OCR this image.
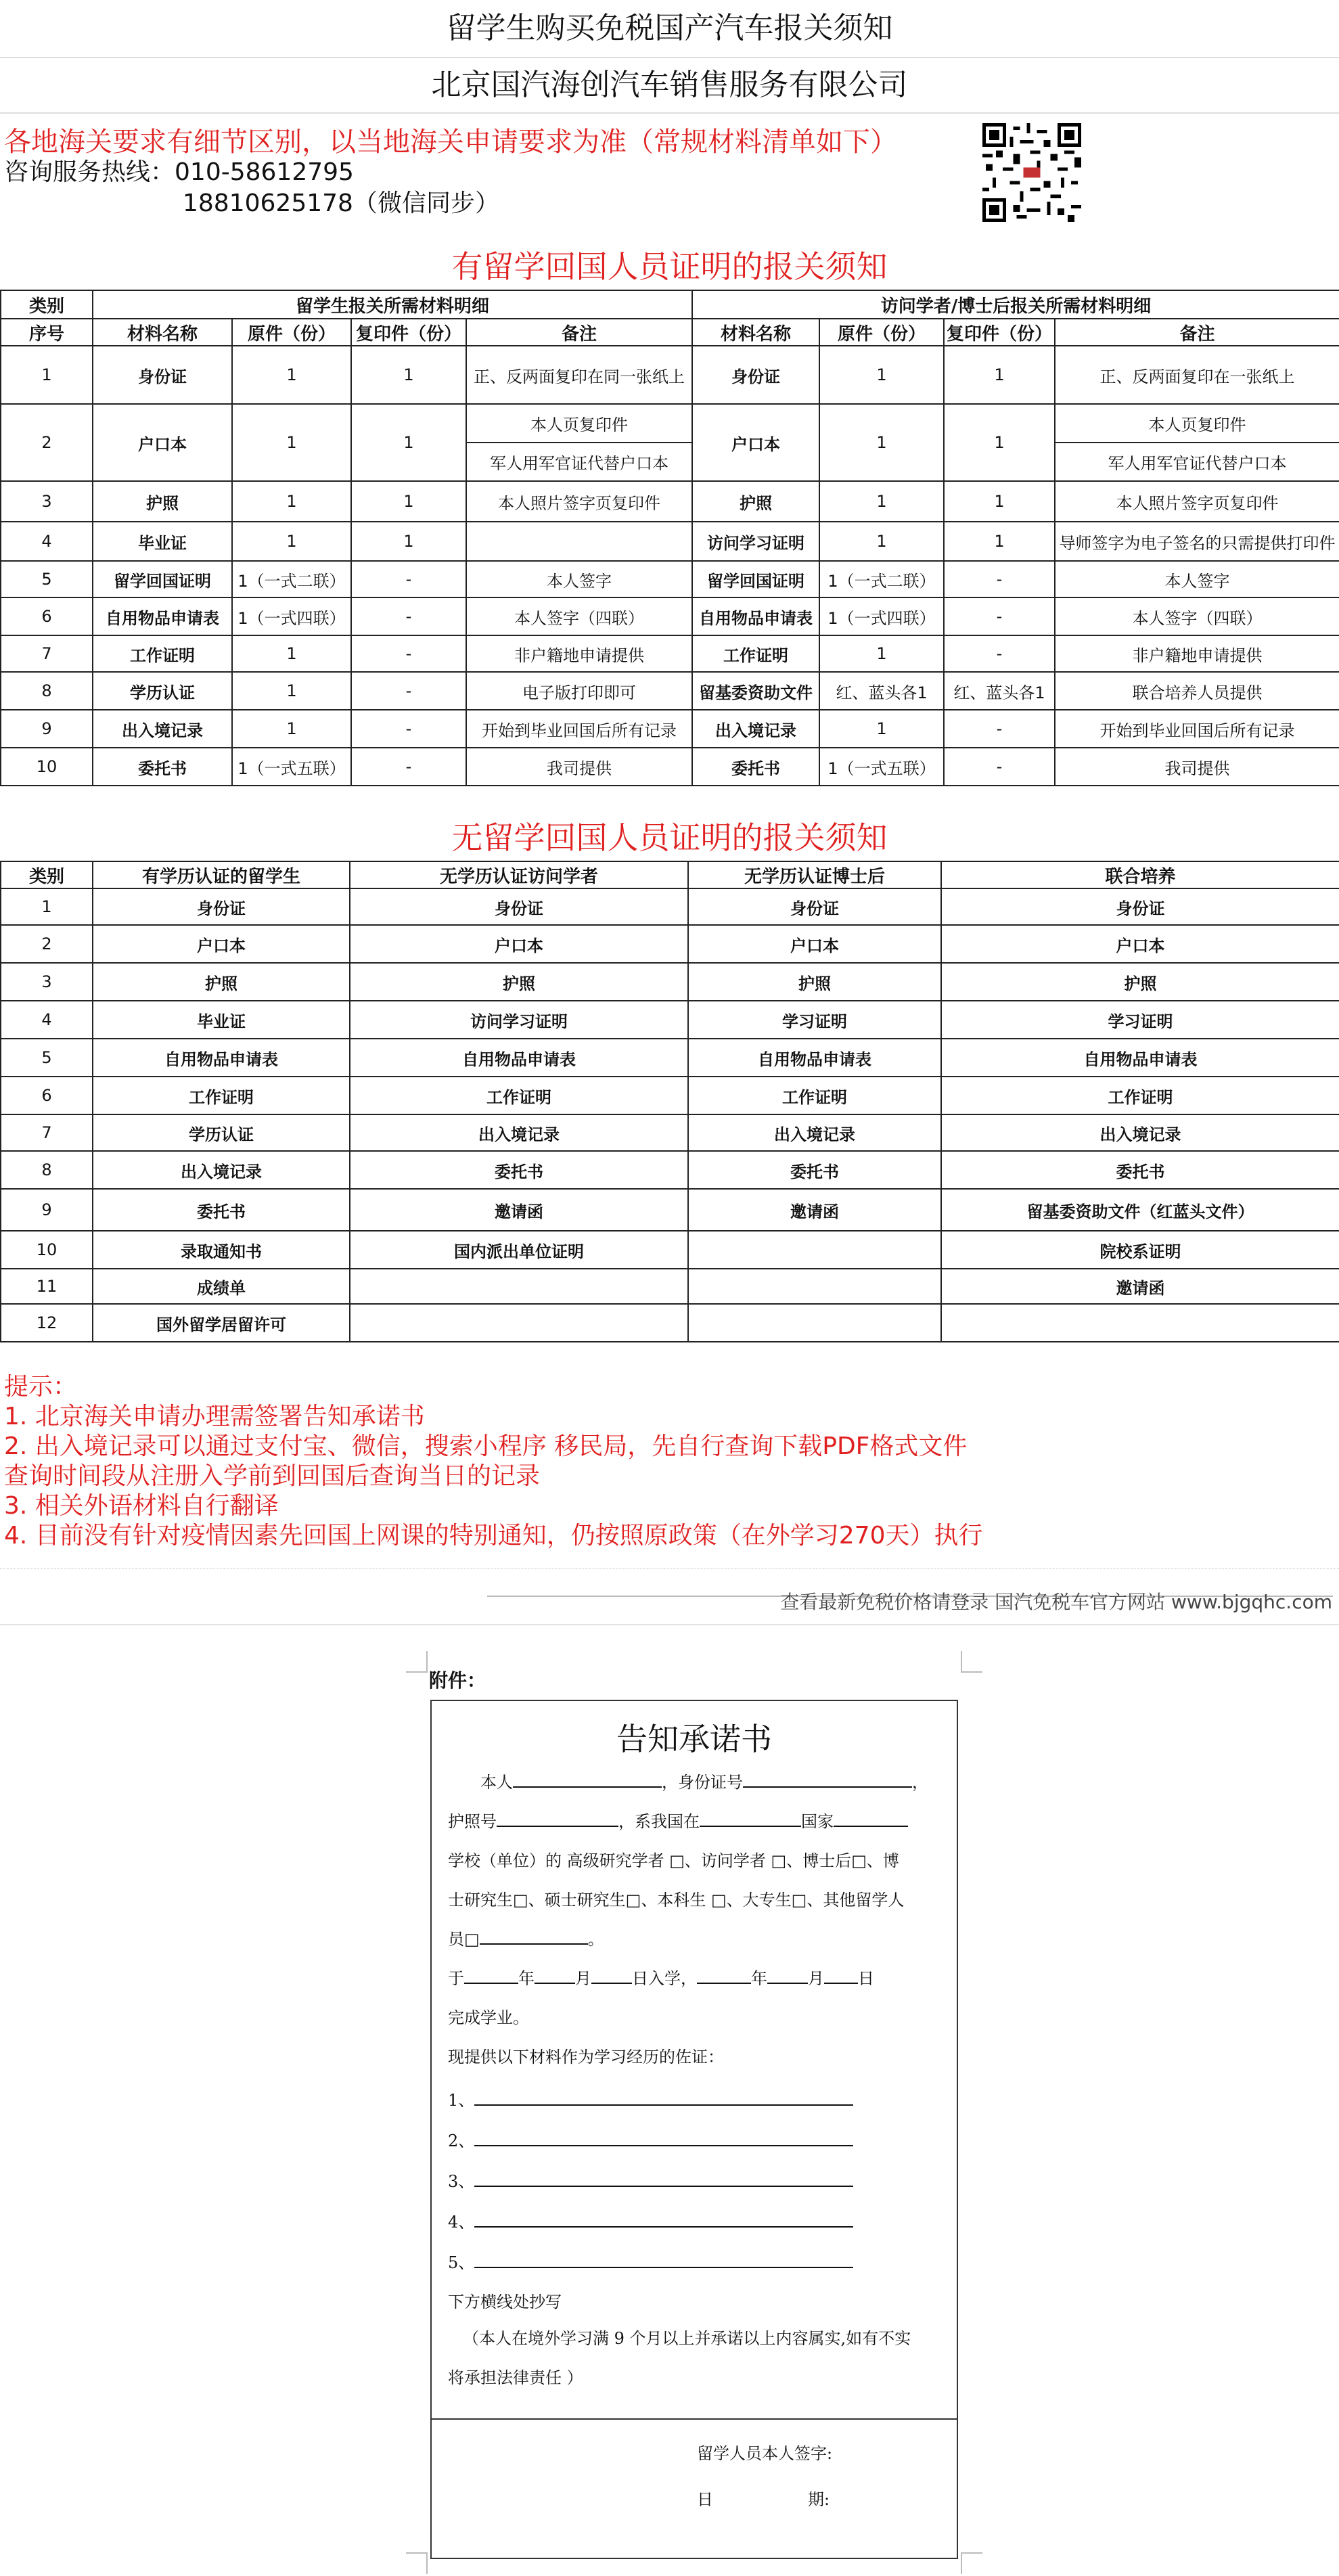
留学生购买免税国产汽车报关须知
北京国汽海创汽车销售服务有限公司
各地海关要求有细节区别，以当地海关申请要求为准（常规材料清单如下）
咨询服务热线：010-58612795
18810625178（微信同步）
有留学回国人员证明的报关须知
类别	留学生报关所需材料明细				访问学者/博士后报关所需材料明细			
序号	材料名称	原件（份）	复印件（份）	备注	材料名称	原件（份）	复印件（份）	备注
1	身份证	1	1	正、反两面复印在同一张纸上	身份证	1	1	正、反两面复印在一张纸上
2	户口本	1	1	本人页复印件	户口本	1	1	本人页复印件
				军人用军官证代替户口本				军人用军官证代替户口本
3	护照	1	1	本人照片签字页复印件	护照	1	1	本人照片签字页复印件
4	毕业证	1	1		访问学习证明	1	1	导师签字为电子签名的只需提供打印件
5	留学回国证明	1（一式二联）	-	本人签字	留学回国证明	1（一式二联）	-	本人签字
6	自用物品申请表	1（一式四联）	-	本人签字（四联）	自用物品申请表	1（一式四联）	-	本人签字（四联）
7	工作证明	1	-	非户籍地申请提供	工作证明	1	-	非户籍地申请提供
8	学历认证	1	-	电子版打印即可	留基委资助文件	红、蓝头各1	红、蓝头各1	联合培养人员提供
9	出入境记录	1	-	开始到毕业回国后所有记录	出入境记录	1	-	开始到毕业回国后所有记录
10	委托书	1（一式五联）	-	我司提供	委托书	1（一式五联）	-	我司提供
无留学回国人员证明的报关须知
类别	有学历认证的留学生	无学历认证访问学者	无学历认证博士后	联合培养
1	身份证	身份证	身份证	身份证
2	户口本	户口本	户口本	户口本
3	护照	护照	护照	护照
4	毕业证	访问学习证明	学习证明	学习证明
5	自用物品申请表	自用物品申请表	自用物品申请表	自用物品申请表
6	工作证明	工作证明	工作证明	工作证明
7	学历认证	出入境记录	出入境记录	出入境记录
8	出入境记录	委托书	委托书	委托书
9	委托书	邀请函	邀请函	留基委资助文件（红蓝头文件）
10	录取通知书	国内派出单位证明		院校系证明
11	成绩单			邀请函
12	国外留学居留许可			
提示：
1. 北京海关申请办理需签署告知承诺书
2. 出入境记录可以通过支付宝、微信，搜索小程序 移民局，先自行查询下载PDF格式文件
查询时间段从注册入学前到回国后查询当日的记录
3. 相关外语材料自行翻译
4. 目前没有针对疫情因素先回国上网课的特别通知，仍按照原政策（在外学习270天）执行
查看最新免税价格请登录 国汽免税车官方网站 www.bjgqhc.com
附件：
告知承诺书
本人	，身份证号	，
护照号	，系我国在	国家
学校（单位）的 高级研究学者 □、访问学者 □、博士后□、博
士研究生□、硕士研究生□、本科生 □、大专生□、其他留学人
员□	。
于	年	月	日入学，	年	月 日
完成学业。
现提供以下材料作为学习经历的佐证：
1、
2、
3、
4、
5、
下方横线处抄写
（本人在境外学习满 9 个月以上并承诺以上内容属实,如有不实
将承担法律责任 ）
留学人员本人签字:
日	期:
